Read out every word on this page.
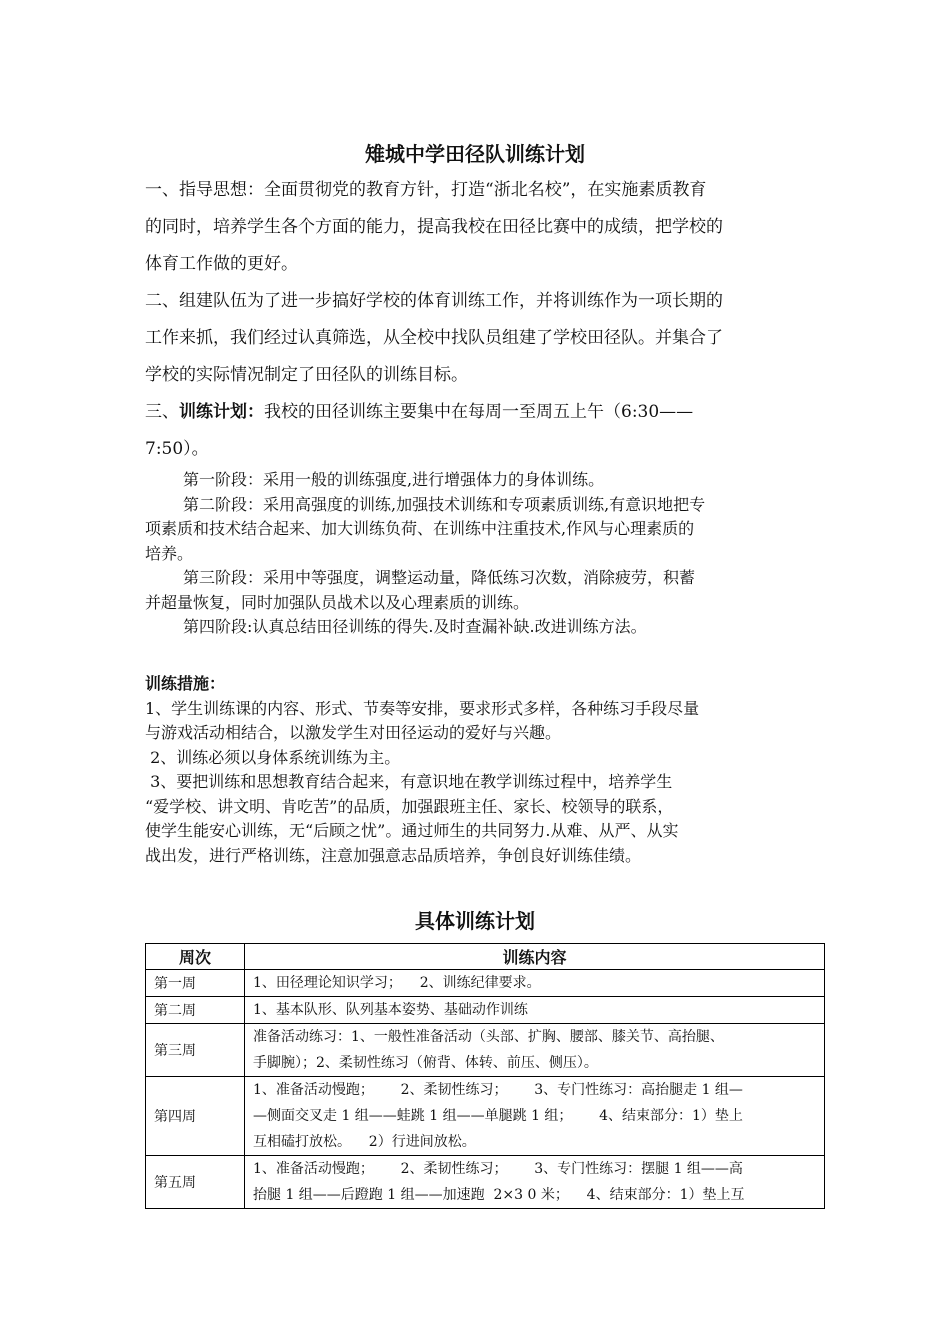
雉城中学田径队训练计划
一、指导思想：全面贯彻党的教育方针，打造“浙北名校”，在实施素质教育
的同时，培养学生各个方面的能力，提高我校在田径比赛中的成绩，把学校的
体育工作做的更好。
二、组建队伍为了进一步搞好学校的体育训练工作，并将训练作为一项长期的
工作来抓，我们经过认真筛选，从全校中找队员组建了学校田径队。并集合了
学校的实际情况制定了田径队的训练目标。
三、训练计划：我校的田径训练主要集中在每周一至周五上午（6:30——
7:50）。
第一阶段：采用一般的训练强度,进行增强体力的身体训练。
第二阶段：采用高强度的训练,加强技术训练和专项素质训练,有意识地把专
项素质和技术结合起来、加大训练负荷、在训练中注重技术,作风与心理素质的
培养。
第三阶段：采用中等强度，调整运动量，降低练习次数，消除疲劳，积蓄
并超量恢复，同时加强队员战术以及心理素质的训练。
第四阶段:认真总结田径训练的得失.及时查漏补缺.改进训练方法。
训练措施：
1、学生训练课的内容、形式、节奏等安排，要求形式多样，各种练习手段尽量
与游戏活动相结合，以激发学生对田径运动的爱好与兴趣。
2、训练必须以身体系统训练为主。
3、要把训练和思想教育结合起来，有意识地在教学训练过程中，培养学生
“爱学校、讲文明、肯吃苦”的品质，加强跟班主任、家长、校领导的联系，
使学生能安心训练，无“后顾之忧”。通过师生的共同努力.从难、从严、从实
战出发，进行严格训练，注意加强意志品质培养，争创良好训练佳绩。
具体训练计划
周次	训练内容
第一周	1、田径理论知识学习；    2、训练纪律要求。

第二周	1、基本队形、队列基本姿势、基础动作训练

第三周	准备活动练习：1、一般性准备活动（头部、扩胸、腰部、膝关节、高抬腿、
手脚腕）；2、柔韧性练习（俯背、体转、前压、侧压）。

第四周	1、准备活动慢跑；      2、柔韧性练习；      3、专门性练习：高抬腿走 1 组—
—侧面交叉走 1 组——蛙跳 1 组——单腿跳 1 组；      4、结束部分：1）垫上
互相磕打放松。    2）行进间放松。

第五周	1、准备活动慢跑；      2、柔韧性练习；      3、专门性练习：摆腿 1 组——高
抬腿 1 组——后蹬跑 1 组——加速跑  2×3 0 米；    4、结束部分：1）垫上互
